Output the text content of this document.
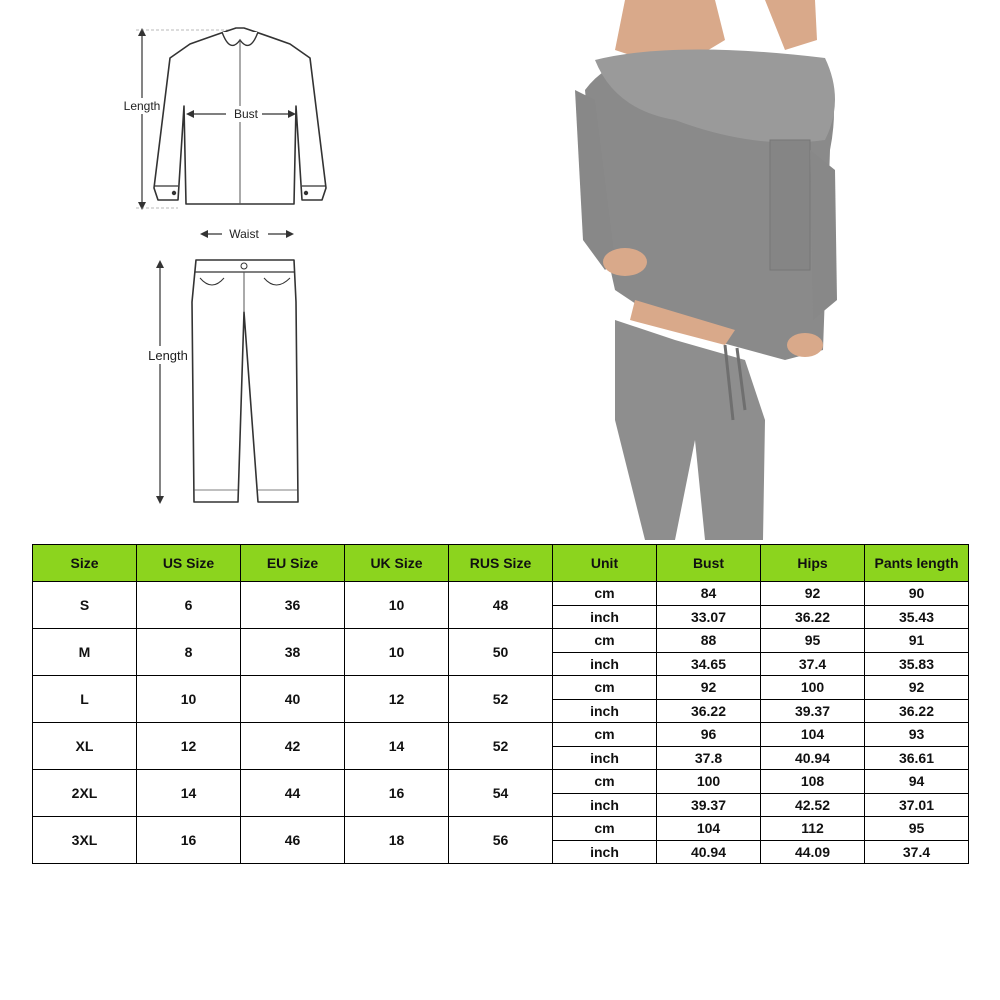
Length
Bust
Waist
Length
Size	US Size	EU Size	UK Size	RUS Size	Unit	Bust	Hips	Pants length
S	6	36	10	48	cm	84	92	90
					inch	33.07	36.22	35.43
M	8	38	10	50	cm	88	95	91
					inch	34.65	37.4	35.83
L	10	40	12	52	cm	92	100	92
					inch	36.22	39.37	36.22
XL	12	42	14	52	cm	96	104	93
					inch	37.8	40.94	36.61
2XL	14	44	16	54	cm	100	108	94
					inch	39.37	42.52	37.01
3XL	16	46	18	56	cm	104	112	95
					inch	40.94	44.09	37.4
